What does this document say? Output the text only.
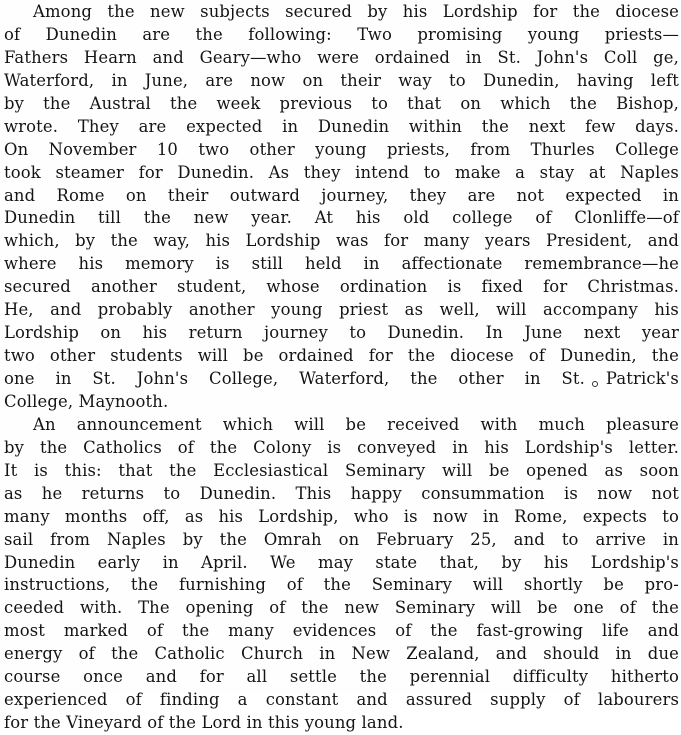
Among the new subjects secured by his Lordship for the diocese
of Dunedin are the following: Two promising young priests—
Fathers Hearn and Geary—who were ordained in St. John's Coll ge,
Waterford, in June, are now on their way to Dunedin, having left
by the Austral the week previous to that on which the Bishop,
wrote. They are expected in Dunedin within the next few days.
On November 10 two other young priests, from Thurles College
took steamer for Dunedin. As they intend to make a stay at Naples
and Rome on their outward journey, they are not expected in
Dunedin till the new year. At his old college of Clonliffe—of
which, by the way, his Lordship was for many years President, and
where his memory is still held in affectionate remembrance—he
secured another student, whose ordination is fixed for Christmas.
He, and probably another young priest as well, will accompany his
Lordship on his return journey to Dunedin. In June next year
two other students will be ordained for the diocese of Dunedin, the
one in St. John's College, Waterford, the other in St. Patrick's
College, Maynooth.
An announcement which will be received with much pleasure
by the Catholics of the Colony is conveyed in his Lordship's letter.
It is this: that the Ecclesiastical Seminary will be opened as soon
as he returns to Dunedin. This happy consummation is now not
many months off, as his Lordship, who is now in Rome, expects to
sail from Naples by the Omrah on February 25, and to arrive in
Dunedin early in April. We may state that, by his Lordship's
instructions, the furnishing of the Seminary will shortly be pro-
ceeded with. The opening of the new Seminary will be one of the
most marked of the many evidences of the fast-growing life and
energy of the Catholic Church in New Zealand, and should in due
course once and for all settle the perennial difficulty hitherto
experienced of finding a constant and assured supply of labourers
for the Vineyard of the Lord in this young land.
